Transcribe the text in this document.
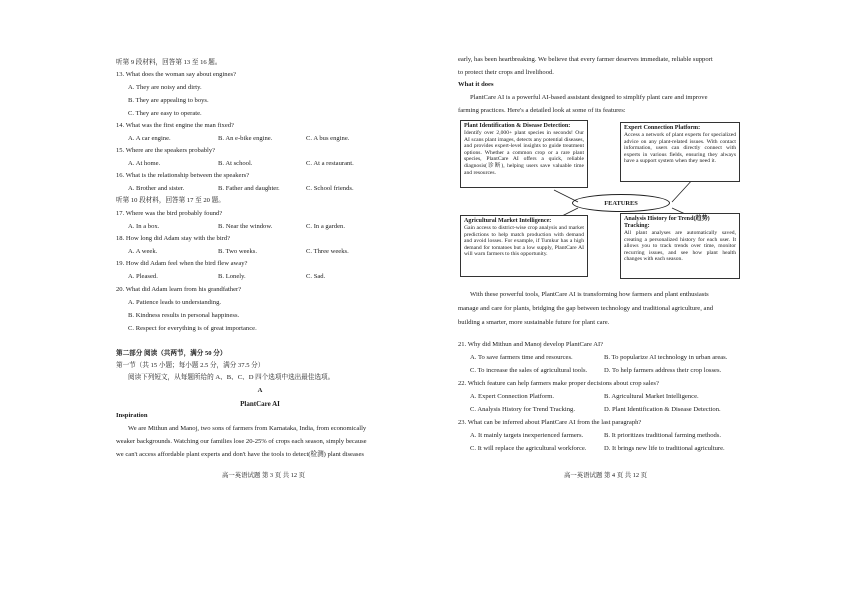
听第 9 段材料，回答第 13 至 16 题。
13. What does the woman say about engines?
A. They are noisy and dirty.
B. They are appealing to boys.
C. They are easy to operate.
14. What was the first engine the man fixed?
A. A car engine.	B. An e-bike engine.	C. A bus engine.
15. Where are the speakers probably?
A. At home.	B. At school.	C. At a restaurant.
16. What is the relationship between the speakers?
A. Brother and sister.	B. Father and daughter.	C. School friends.
听第 10 段材料，回答第 17 至 20 题。
17. Where was the bird probably found?
A. In a box.	B. Near the window.	C. In a garden.
18. How long did Adam stay with the bird?
A. A week.	B. Two weeks.	C. Three weeks.
19. How did Adam feel when the bird flew away?
A. Pleased.	B. Lonely.	C. Sad.
20. What did Adam learn from his grandfather?
A. Patience leads to understanding.
B. Kindness results in personal happiness.
C. Respect for everything is of great importance.
第二部分 阅读（共两节，满分 50 分）
第一节（共 15 小题；每小题 2.5 分，满分 37.5 分）
阅读下列短文，从每题所给的 A、B、C、D 四个选项中选出最佳选项。
A
PlantCare AI
Inspiration
We are Mithun and Manoj, two sons of farmers from Karnataka, India, from economically
weaker backgrounds. Watching our families lose 20-25% of crops each season, simply because
we can't access affordable plant experts and don't have the tools to detect(检测) plant diseases
高一英语试题 第 3 页 共 12 页
early, has been heartbreaking. We believe that every farmer deserves immediate, reliable support
to protect their crops and livelihood.
What it does
PlantCare AI is a powerful AI-based assistant designed to simplify plant care and improve
farming practices. Here's a detailed look at some of its features:
Plant Identification & Disease Detection:
Identify over 2,000+ plant species in seconds! Our AI scans plant images, detects any potential diseases, and provides expert-level insights to guide treatment options. Whether a common crop or a rare plant species, PlantCare AI offers a quick, reliable diagnosis(诊断), helping users save valuable time and resources.
Expert Connection Platform:
Access a network of plant experts for specialized advice on any plant-related issues. With contact information, users can directly connect with experts in various fields, ensuring they always have a support system when they need it.
FEATURES
Agricultural Market Intelligence:
Gain access to district-wise crop analysis and market predictions to help match production with demand and avoid losses. For example, if Tumkur has a high demand for tomatoes but a low supply, PlantCare AI will warn farmers to this opportunity.
Analysis History for Trend(趋势) Tracking:
All plant analyses are automatically saved, creating a personalized history for each user. It allows you to track trends over time, monitor recurring issues, and see how plant health changes with each season.
With these powerful tools, PlantCare AI is transforming how farmers and plant enthusiasts
manage and care for plants, bridging the gap between technology and traditional agriculture, and
building a smarter, more sustainable future for plant care.
21. Why did Mithun and Manoj develop PlantCare AI?
A. To save farmers time and resources.	B. To popularize AI technology in urban areas.
C. To increase the sales of agricultural tools.	D. To help farmers address their crop losses.
22. Which feature can help farmers make proper decisions about crop sales?
A. Expert Connection Platform.	B. Agricultural Market Intelligence.
C. Analysis History for Trend Tracking.	D. Plant Identification & Disease Detection.
23. What can be inferred about PlantCare AI from the last paragraph?
A. It mainly targets inexperienced farmers.	B. It prioritizes traditional farming methods.
C. It will replace the agricultural workforce.	D. It brings new life to traditional agriculture.
高一英语试题 第 4 页 共 12 页
